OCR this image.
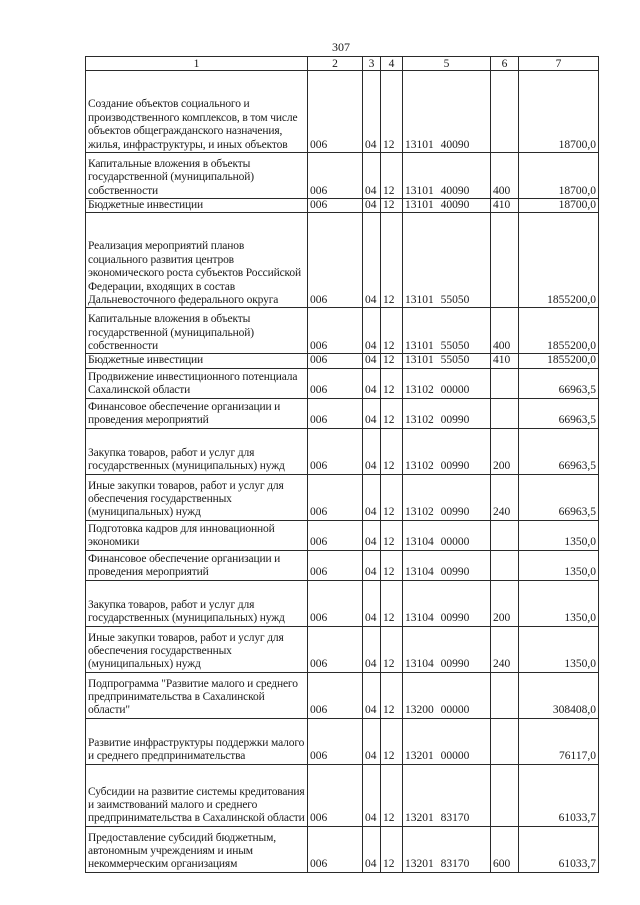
307
1	2	3	4	5	6	7
Создание объектов социального и производственного комплексов, в том числе объектов общегражданского назначения, жилья, инфраструктуры, и иных объектов	006	04	12	13101 40090		18700,0
Капитальные вложения в объекты государственной (муниципальной) собственности	006	04	12	13101 40090	400	18700,0
Бюджетные инвестиции	006	04	12	13101 40090	410	18700,0
Реализация мероприятий планов социального развития центров экономического роста субъектов Российской Федерации, входящих в состав Дальневосточного федерального округа	006	04	12	13101 55050		1855200,0
Капитальные вложения в объекты государственной (муниципальной) собственности	006	04	12	13101 55050	400	1855200,0
Бюджетные инвестиции	006	04	12	13101 55050	410	1855200,0
Продвижение инвестиционного потенциала Сахалинской области	006	04	12	13102 00000		66963,5
Финансовое обеспечение организации и проведения мероприятий	006	04	12	13102 00990		66963,5
Закупка товаров, работ и услуг для государственных (муниципальных) нужд	006	04	12	13102 00990	200	66963,5
Иные закупки товаров, работ и услуг для обеспечения государственных (муниципальных) нужд	006	04	12	13102 00990	240	66963,5
Подготовка кадров для инновационной экономики	006	04	12	13104 00000		1350,0
Финансовое обеспечение организации и проведения мероприятий	006	04	12	13104 00990		1350,0
Закупка товаров, работ и услуг для государственных (муниципальных) нужд	006	04	12	13104 00990	200	1350,0
Иные закупки товаров, работ и услуг для обеспечения государственных (муниципальных) нужд	006	04	12	13104 00990	240	1350,0
Подпрограмма "Развитие малого и среднего предпринимательства в Сахалинской области"	006	04	12	13200 00000		308408,0
Развитие инфраструктуры поддержки малого и среднего предпринимательства	006	04	12	13201 00000		76117,0
Субсидии на развитие системы кредитования и заимствований малого и среднего предпринимательства в Сахалинской области	006	04	12	13201 83170		61033,7
Предоставление субсидий бюджетным, автономным учреждениям и иным некоммерческим организациям	006	04	12	13201 83170	600	61033,7
